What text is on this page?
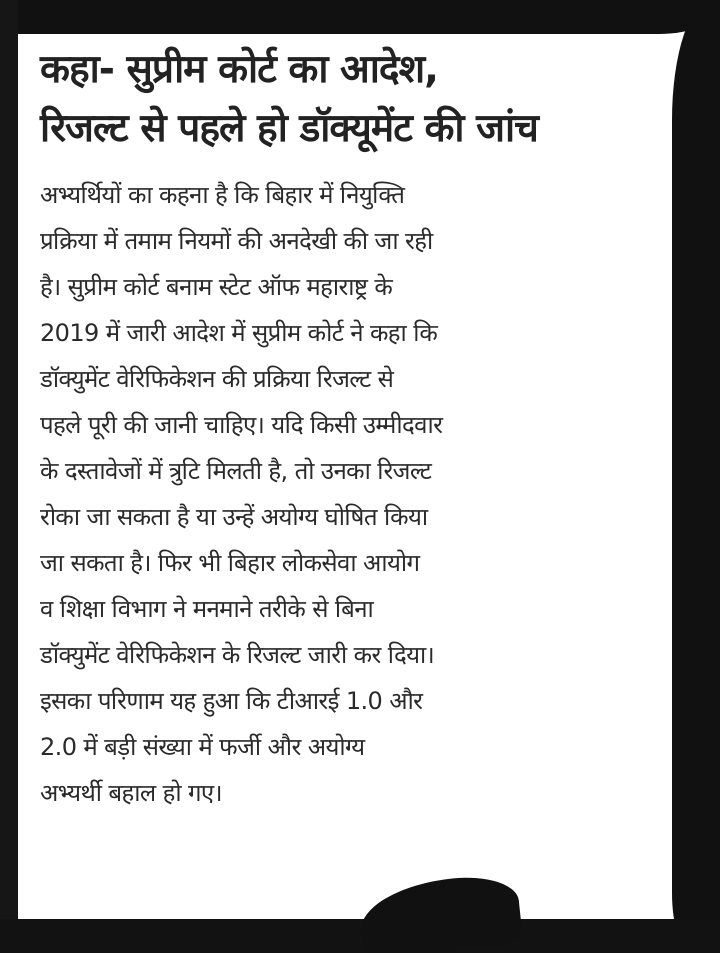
कहा- सुप्रीम कोर्ट का आदेश,
रिजल्ट से पहले हो डॉक्यूमेंट की जांच
अभ्यर्थियों का कहना है कि बिहार में नियुक्ति
प्रक्रिया में तमाम नियमों की अनदेखी की जा रही
है। सुप्रीम कोर्ट बनाम स्टेट ऑफ महाराष्ट्र के
2019 में जारी आदेश में सुप्रीम कोर्ट ने कहा कि
डॉक्युमेंट वेरिफिकेशन की प्रक्रिया रिजल्ट से
पहले पूरी की जानी चाहिए। यदि किसी उम्मीदवार
के दस्तावेजों में त्रुटि मिलती है, तो उनका रिजल्ट
रोका जा सकता है या उन्हें अयोग्य घोषित किया
जा सकता है। फिर भी बिहार लोकसेवा आयोग
व शिक्षा विभाग ने मनमाने तरीके से बिना
डॉक्युमेंट वेरिफिकेशन के रिजल्ट जारी कर दिया।
इसका परिणाम यह हुआ कि टीआरई 1.0 और
2.0 में बड़ी संख्या में फर्जी और अयोग्य
अभ्यर्थी बहाल हो गए।
